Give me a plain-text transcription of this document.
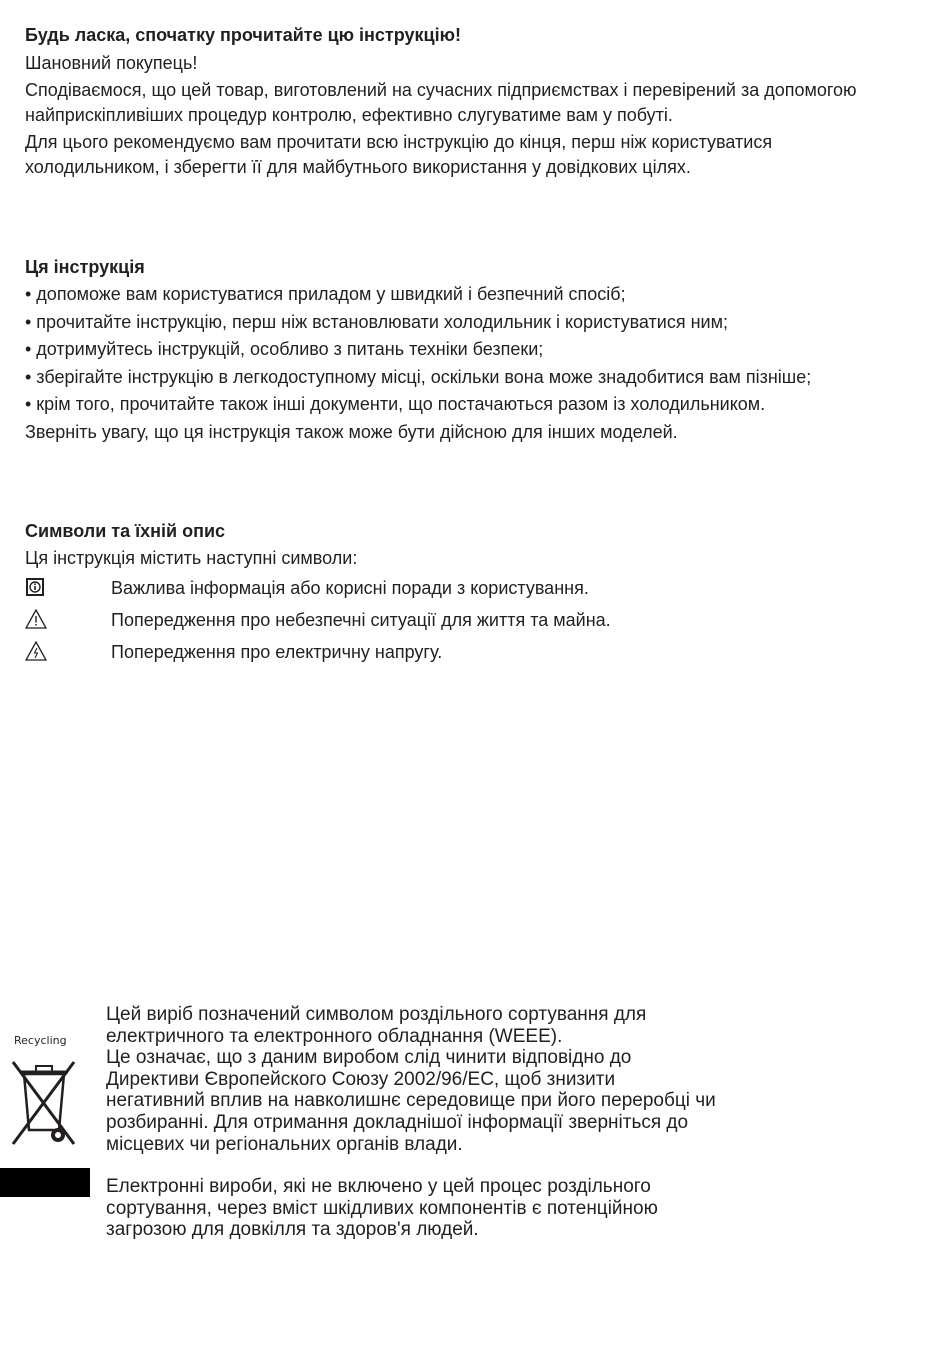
Будь ласка, спочатку прочитайте цю інструкцію!

Шановний покупець!

Сподіваємося, що цей товар, виготовлений на сучасних підприємствах і перевірений за допомогою найприскіпливіших процедур контролю, ефективно слугуватиме вам у побуті.

Для цього рекомендуємо вам прочитати всю інструкцію до кінця, перш ніж користуватися холодильником, і зберегти її для майбутнього використання у довідкових цілях.

Ця інструкція

• допоможе вам користуватися приладом у швидкий і безпечний спосіб;

• прочитайте інструкцію, перш ніж встановлювати холодильник і користуватися ним;

• дотримуйтесь інструкцій, особливо з питань техніки безпеки;

• зберігайте інструкцію в легкодоступному місці, оскільки вона може знадобитися вам пізніше;

• крім того, прочитайте також інші документи, що постачаються разом із холодильником.

Зверніть увагу, що ця інструкція також може бути дійсною для інших моделей.

Символи та їхній опис

Ця інструкція містить наступні символи:

Важлива інформація або корисні поради з користування.
Попередження про небезпечні ситуації для життя та майна.
Попередження про електричну напругу.
Recycling
Цей виріб позначений символом роздільного сортування для
електричного та електронного обладнання (WEEE).
Це означає, що з даним виробом слід чинити відповідно до
Директиви Європейского Союзу 2002/96/EC, щоб знизити
негативний вплив на навколишнє середовище при його переробці чи
розбиранні. Для отримання докладнішої інформації зверніться до
місцевих чи регіональних органів влади.
Електронні вироби, які не включено у цей процес роздільного
сортування, через вміст шкідливих компонентів є потенційною
загрозою для довкілля та здоров'я людей.
